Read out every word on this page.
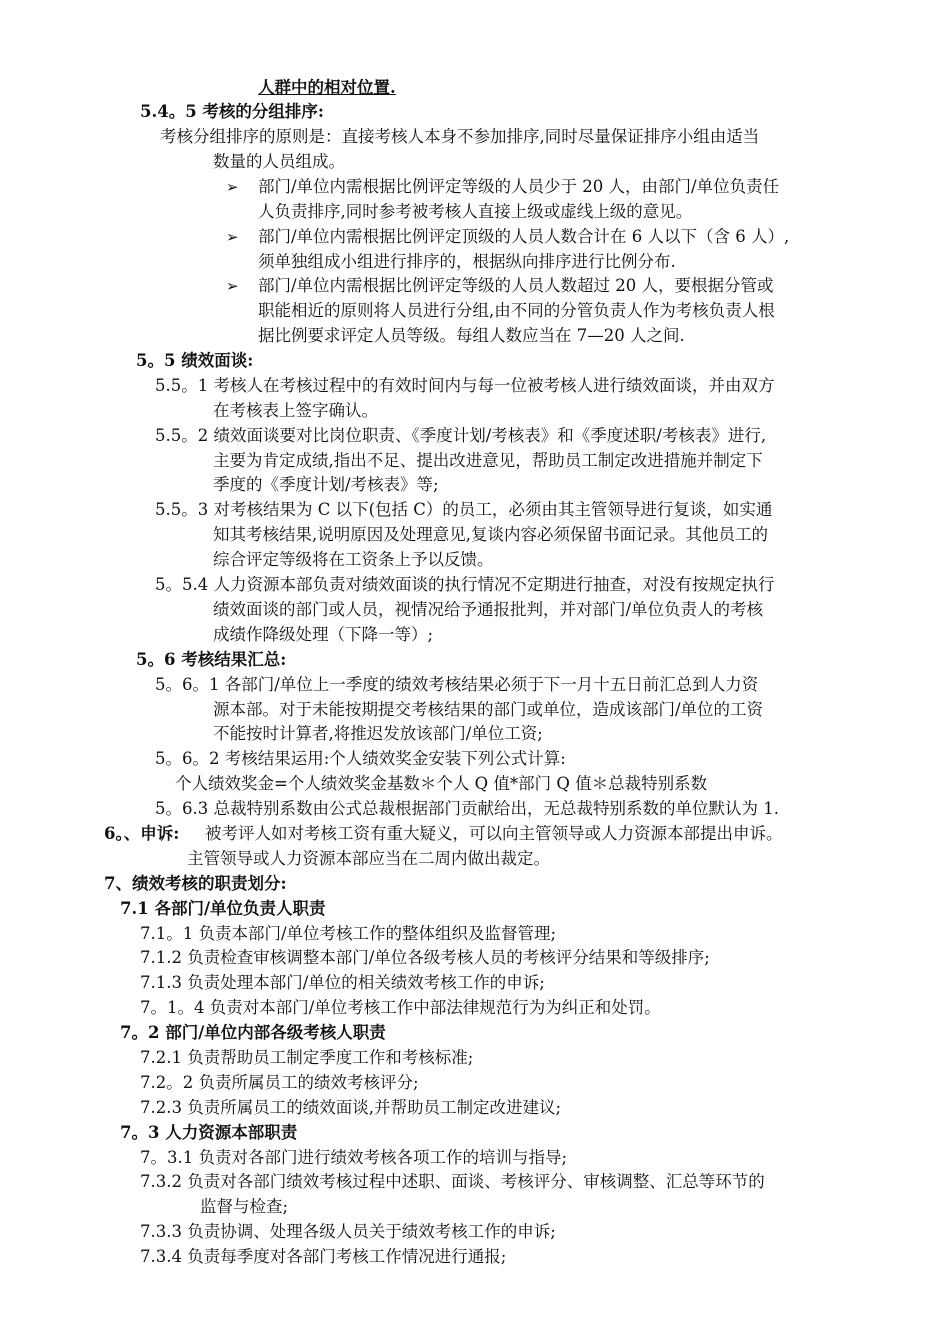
人群中的相对位置.
5.4。5 考核的分组排序:
考核分组排序的原则是：直接考核人本身不参加排序,同时尽量保证排序小组由适当
数量的人员组成。
➢ 部门/单位内需根据比例评定等级的人员少于 20 人，由部门/单位负责任
人负责排序,同时参考被考核人直接上级或虚线上级的意见。
➢ 部门/单位内需根据比例评定顶级的人员人数合计在 6 人以下（含 6 人）,
须单独组成小组进行排序的，根据纵向排序进行比例分布.
➢ 部门/单位内需根据比例评定等级的人员人数超过 20 人，要根据分管或
职能相近的原则将人员进行分组,由不同的分管负责人作为考核负责人根
据比例要求评定人员等级。每组人数应当在 7—20 人之间.
5。5 绩效面谈:
5.5。1 考核人在考核过程中的有效时间内与每一位被考核人进行绩效面谈，并由双方
在考核表上签字确认。
5.5。2 绩效面谈要对比岗位职责、《季度计划/考核表》和《季度述职/考核表》进行,
主要为肯定成绩,指出不足、提出改进意见，帮助员工制定改进措施并制定下
季度的《季度计划/考核表》等;
5.5。3 对考核结果为 C 以下(包括 C）的员工，必须由其主管领导进行复谈，如实通
知其考核结果,说明原因及处理意见,复谈内容必须保留书面记录。其他员工的
综合评定等级将在工资条上予以反馈。
5。5.4 人力资源本部负责对绩效面谈的执行情况不定期进行抽查，对没有按规定执行
绩效面谈的部门或人员，视情况给予通报批判，并对部门/单位负责人的考核
成绩作降级处理（下降一等）;
5。6 考核结果汇总:
5。6。1 各部门/单位上一季度的绩效考核结果必须于下一月十五日前汇总到人力资
源本部。对于未能按期提交考核结果的部门或单位，造成该部门/单位的工资
不能按时计算者,将推迟发放该部门/单位工资;
5。6。2 考核结果运用:个人绩效奖金安装下列公式计算:
个人绩效奖金=个人绩效奖金基数＊个人 Q 值*部门 Q 值＊总裁特别系数
5。6.3 总裁特别系数由公式总裁根据部门贡献给出，无总裁特别系数的单位默认为 1.
6。、申诉: 被考评人如对考核工资有重大疑义，可以向主管领导或人力资源本部提出申诉。
主管领导或人力资源本部应当在二周内做出裁定。
7、绩效考核的职责划分:
7.1 各部门/单位负责人职责
7.1。1 负责本部门/单位考核工作的整体组织及监督管理;
7.1.2 负责检查审核调整本部门/单位各级考核人员的考核评分结果和等级排序;
7.1.3 负责处理本部门/单位的相关绩效考核工作的申诉;
7。1。4 负责对本部门/单位考核工作中部法律规范行为为纠正和处罚。
7。2 部门/单位内部各级考核人职责
7.2.1 负责帮助员工制定季度工作和考核标准;
7.2。2 负责所属员工的绩效考核评分;
7.2.3 负责所属员工的绩效面谈,并帮助员工制定改进建议;
7。3 人力资源本部职责
7。3.1 负责对各部门进行绩效考核各项工作的培训与指导;
7.3.2 负责对各部门绩效考核过程中述职、面谈、考核评分、审核调整、汇总等环节的
监督与检查;
7.3.3 负责协调、处理各级人员关于绩效考核工作的申诉;
7.3.4 负责每季度对各部门考核工作情况进行通报;
